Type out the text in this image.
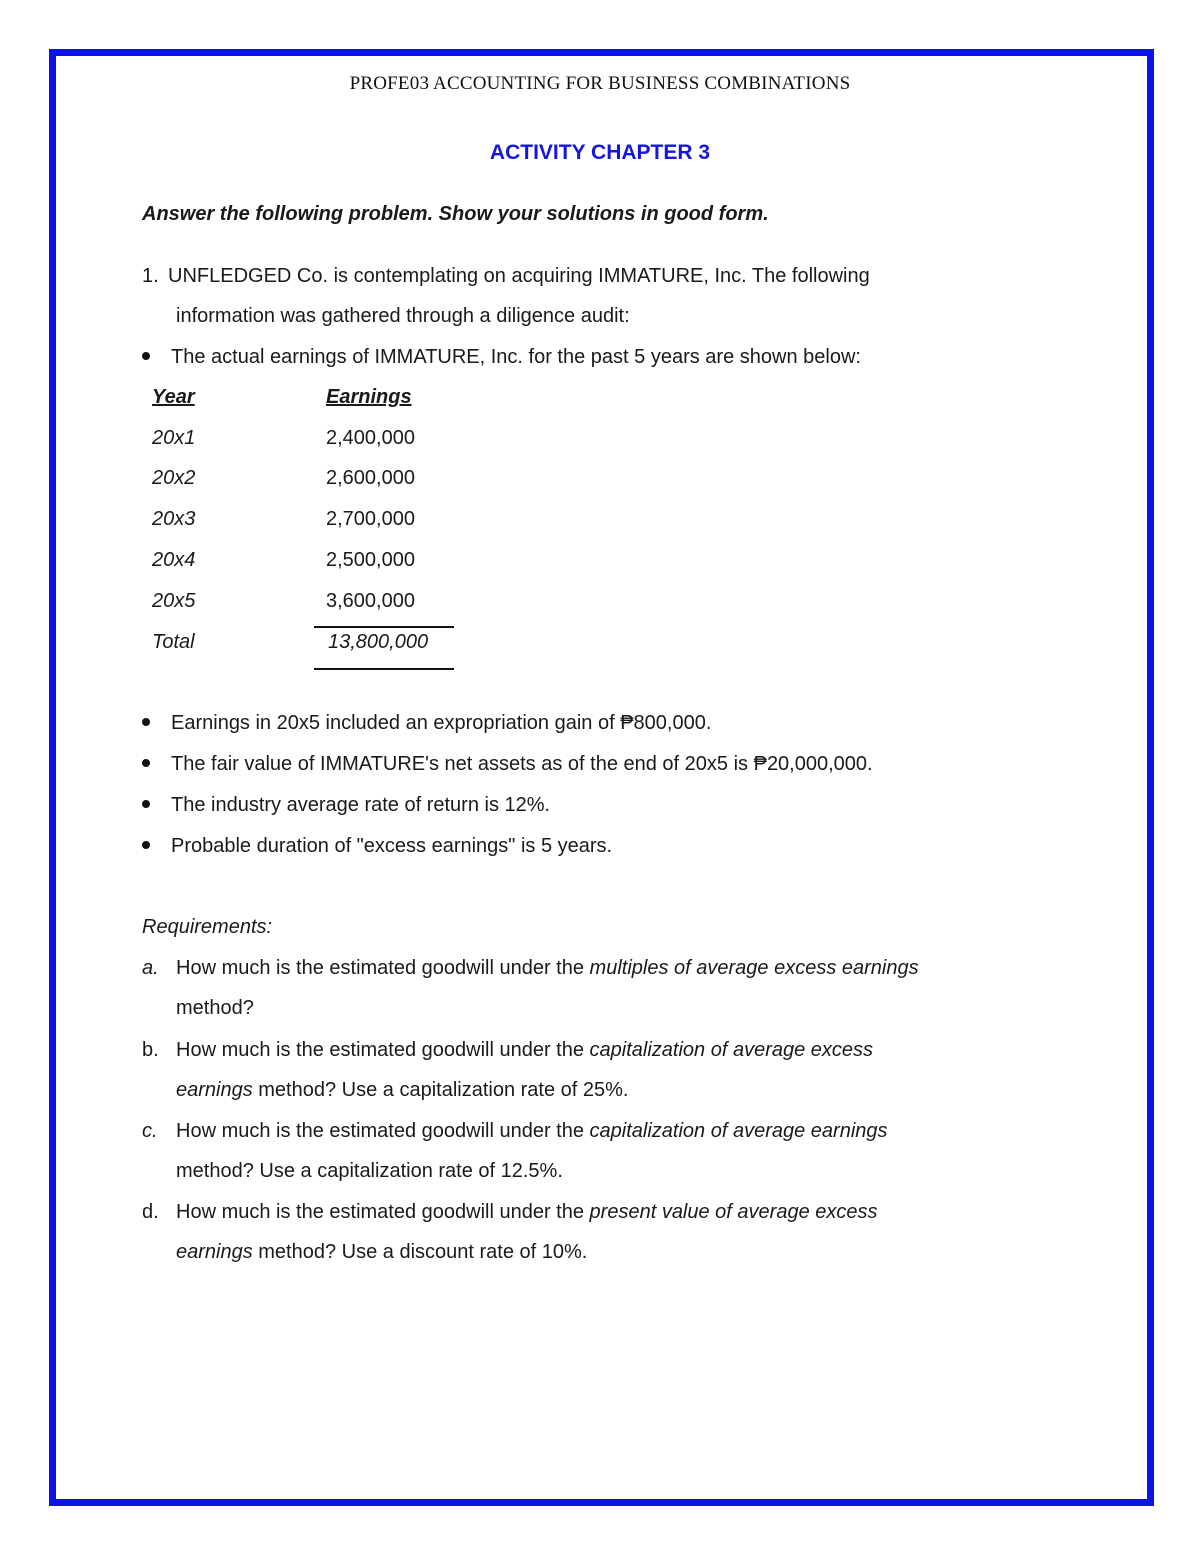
PROFE03 ACCOUNTING FOR BUSINESS COMBINATIONS
ACTIVITY CHAPTER 3
Answer the following problem. Show your solutions in good form.
1. UNFLEDGED Co. is contemplating on acquiring IMMATURE, Inc. The following
information was gathered through a diligence audit:
The actual earnings of IMMATURE, Inc. for the past 5 years are shown below:
Year	Earnings
20x1	2,400,000
20x2	2,600,000
20x3	2,700,000
20x4	2,500,000
20x5	3,600,000
Total	13,800,000
Earnings in 20x5 included an expropriation gain of ₱800,000.
The fair value of IMMATURE's net assets as of the end of 20x5 is ₱20,000,000.
The industry average rate of return is 12%.
Probable duration of "excess earnings" is 5 years.
Requirements:
a. How much is the estimated goodwill under the multiples of average excess earnings
method?
b. How much is the estimated goodwill under the capitalization of average excess
earnings method? Use a capitalization rate of 25%.
c. How much is the estimated goodwill under the capitalization of average earnings
method? Use a capitalization rate of 12.5%.
d. How much is the estimated goodwill under the present value of average excess
earnings method? Use a discount rate of 10%.
